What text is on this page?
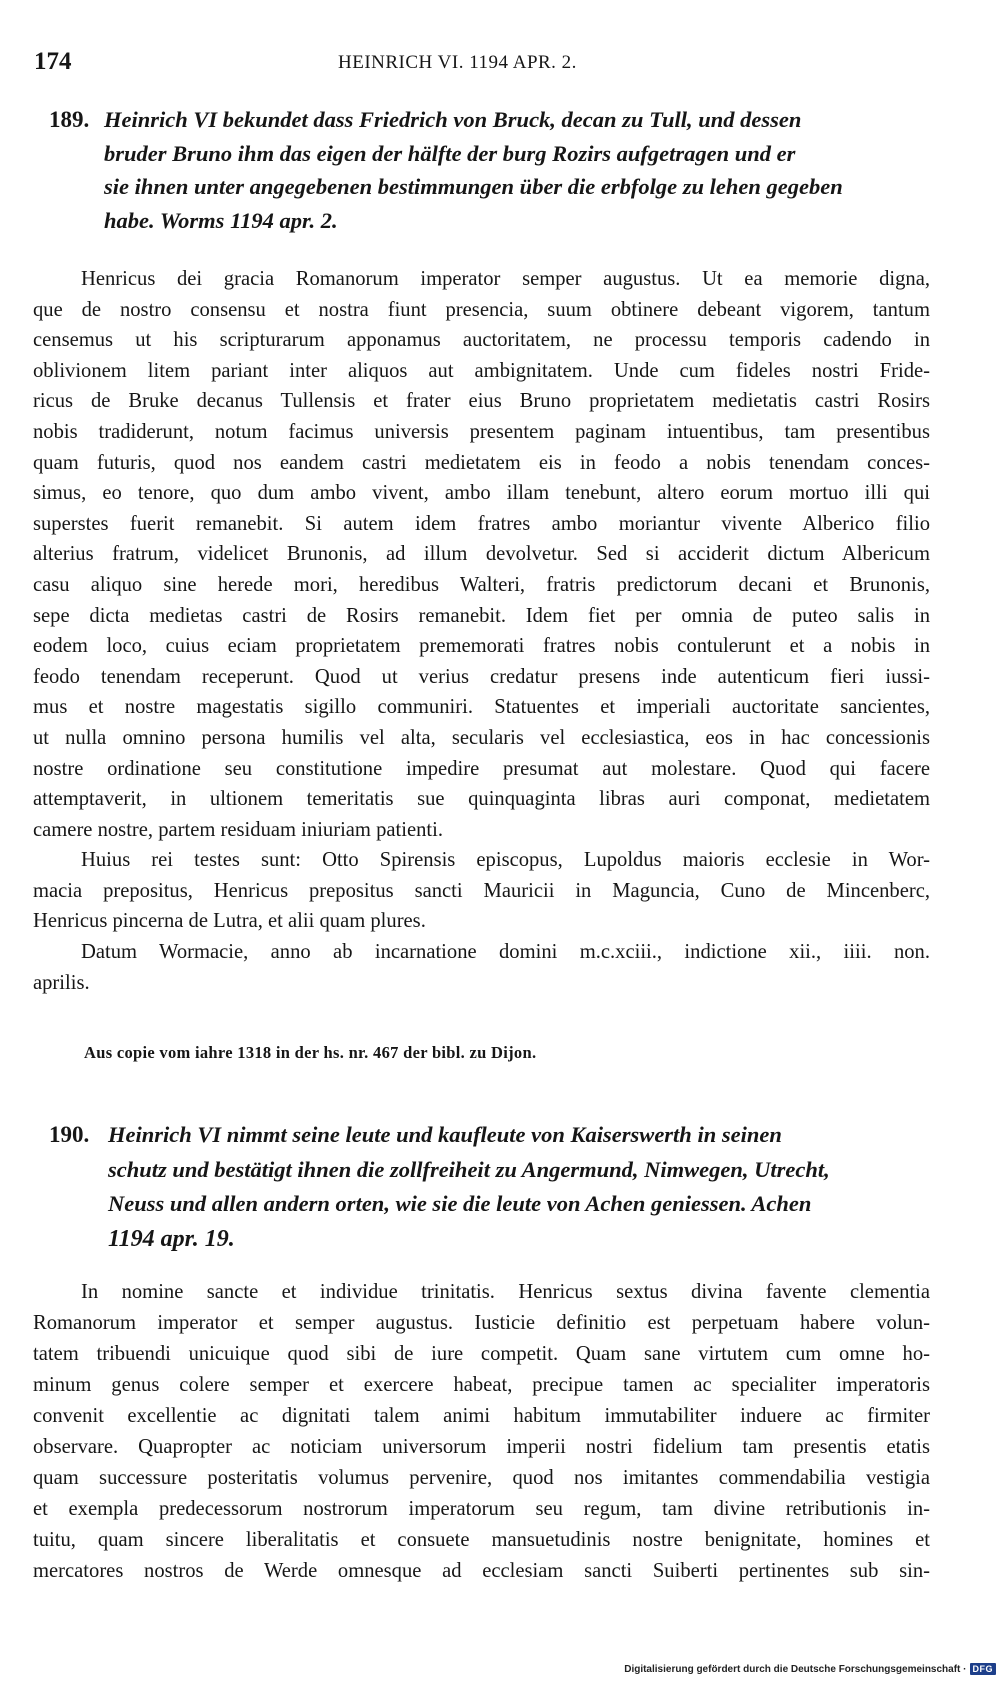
174	HEINRICH VI. 1194 APR. 2.
189. Heinrich VI bekundet dass Friedrich von Bruck, decan zu Tull, und dessen
bruder Bruno ihm das eigen der hälfte der burg Rozirs aufgetragen und er
sie ihnen unter angegebenen bestimmungen über die erbfolge zu lehen gegeben
habe. Worms 1194 apr. 2.
Henricus dei gracia Romanorum imperator semper augustus. Ut ea memorie digna,
que de nostro consensu et nostra fiunt presencia, suum obtinere debeant vigorem, tantum
censemus ut his scripturarum apponamus auctoritatem, ne processu temporis cadendo in
oblivionem litem pariant inter aliquos aut ambignitatem. Unde cum fideles nostri Fride-
ricus de Bruke decanus Tullensis et frater eius Bruno proprietatem medietatis castri Rosirs
nobis tradiderunt, notum facimus universis presentem paginam intuentibus, tam presentibus
quam futuris, quod nos eandem castri medietatem eis in feodo a nobis tenendam conces-
simus, eo tenore, quo dum ambo vivent, ambo illam tenebunt, altero eorum mortuo illi qui
superstes fuerit remanebit. Si autem idem fratres ambo moriantur vivente Alberico filio
alterius fratrum, videlicet Brunonis, ad illum devolvetur. Sed si acciderit dictum Albericum
casu aliquo sine herede mori, heredibus Walteri, fratris predictorum decani et Brunonis,
sepe dicta medietas castri de Rosirs remanebit. Idem fiet per omnia de puteo salis in
eodem loco, cuius eciam proprietatem prememorati fratres nobis contulerunt et a nobis in
feodo tenendam receperunt. Quod ut verius credatur presens inde autenticum fieri iussi-
mus et nostre magestatis sigillo communiri. Statuentes et imperiali auctoritate sancientes,
ut nulla omnino persona humilis vel alta, secularis vel ecclesiastica, eos in hac concessionis
nostre ordinatione seu constitutione impedire presumat aut molestare. Quod qui facere
attemptaverit, in ultionem temeritatis sue quinquaginta libras auri componat, medietatem
camere nostre, partem residuam iniuriam patienti.
Huius rei testes sunt: Otto Spirensis episcopus, Lupoldus maioris ecclesie in Wor-
macia prepositus, Henricus prepositus sancti Mauricii in Maguncia, Cuno de Mincenberc,
Henricus pincerna de Lutra, et alii quam plures.
Datum Wormacie, anno ab incarnatione domini m.c.xciii., indictione xii., iiii. non.
aprilis.
Aus copie vom iahre 1318 in der hs. nr. 467 der bibl. zu Dijon.
190. Heinrich VI nimmt seine leute und kaufleute von Kaiserswerth in seinen
schutz und bestätigt ihnen die zollfreiheit zu Angermund, Nimwegen, Utrecht,
Neuss und allen andern orten, wie sie die leute von Achen geniessen. Achen
1194 apr. 19.
In nomine sancte et individue trinitatis. Henricus sextus divina favente clementia
Romanorum imperator et semper augustus. Iusticie definitio est perpetuam habere volun-
tatem tribuendi unicuique quod sibi de iure competit. Quam sane virtutem cum omne ho-
minum genus colere semper et exercere habeat, precipue tamen ac specialiter imperatoris
convenit excellentie ac dignitati talem animi habitum immutabiliter induere ac firmiter
observare. Quapropter ac noticiam universorum imperii nostri fidelium tam presentis etatis
quam successure posteritatis volumus pervenire, quod nos imitantes commendabilia vestigia
et exempla predecessorum nostrorum imperatorum seu regum, tam divine retributionis in-
tuitu, quam sincere liberalitatis et consuete mansuetudinis nostre benignitate, homines et
mercatores nostros de Werde omnesque ad ecclesiam sancti Suiberti pertinentes sub sin-
Digitalisierung gefördert durch die Deutsche Forschungsgemeinschaft · DFG
